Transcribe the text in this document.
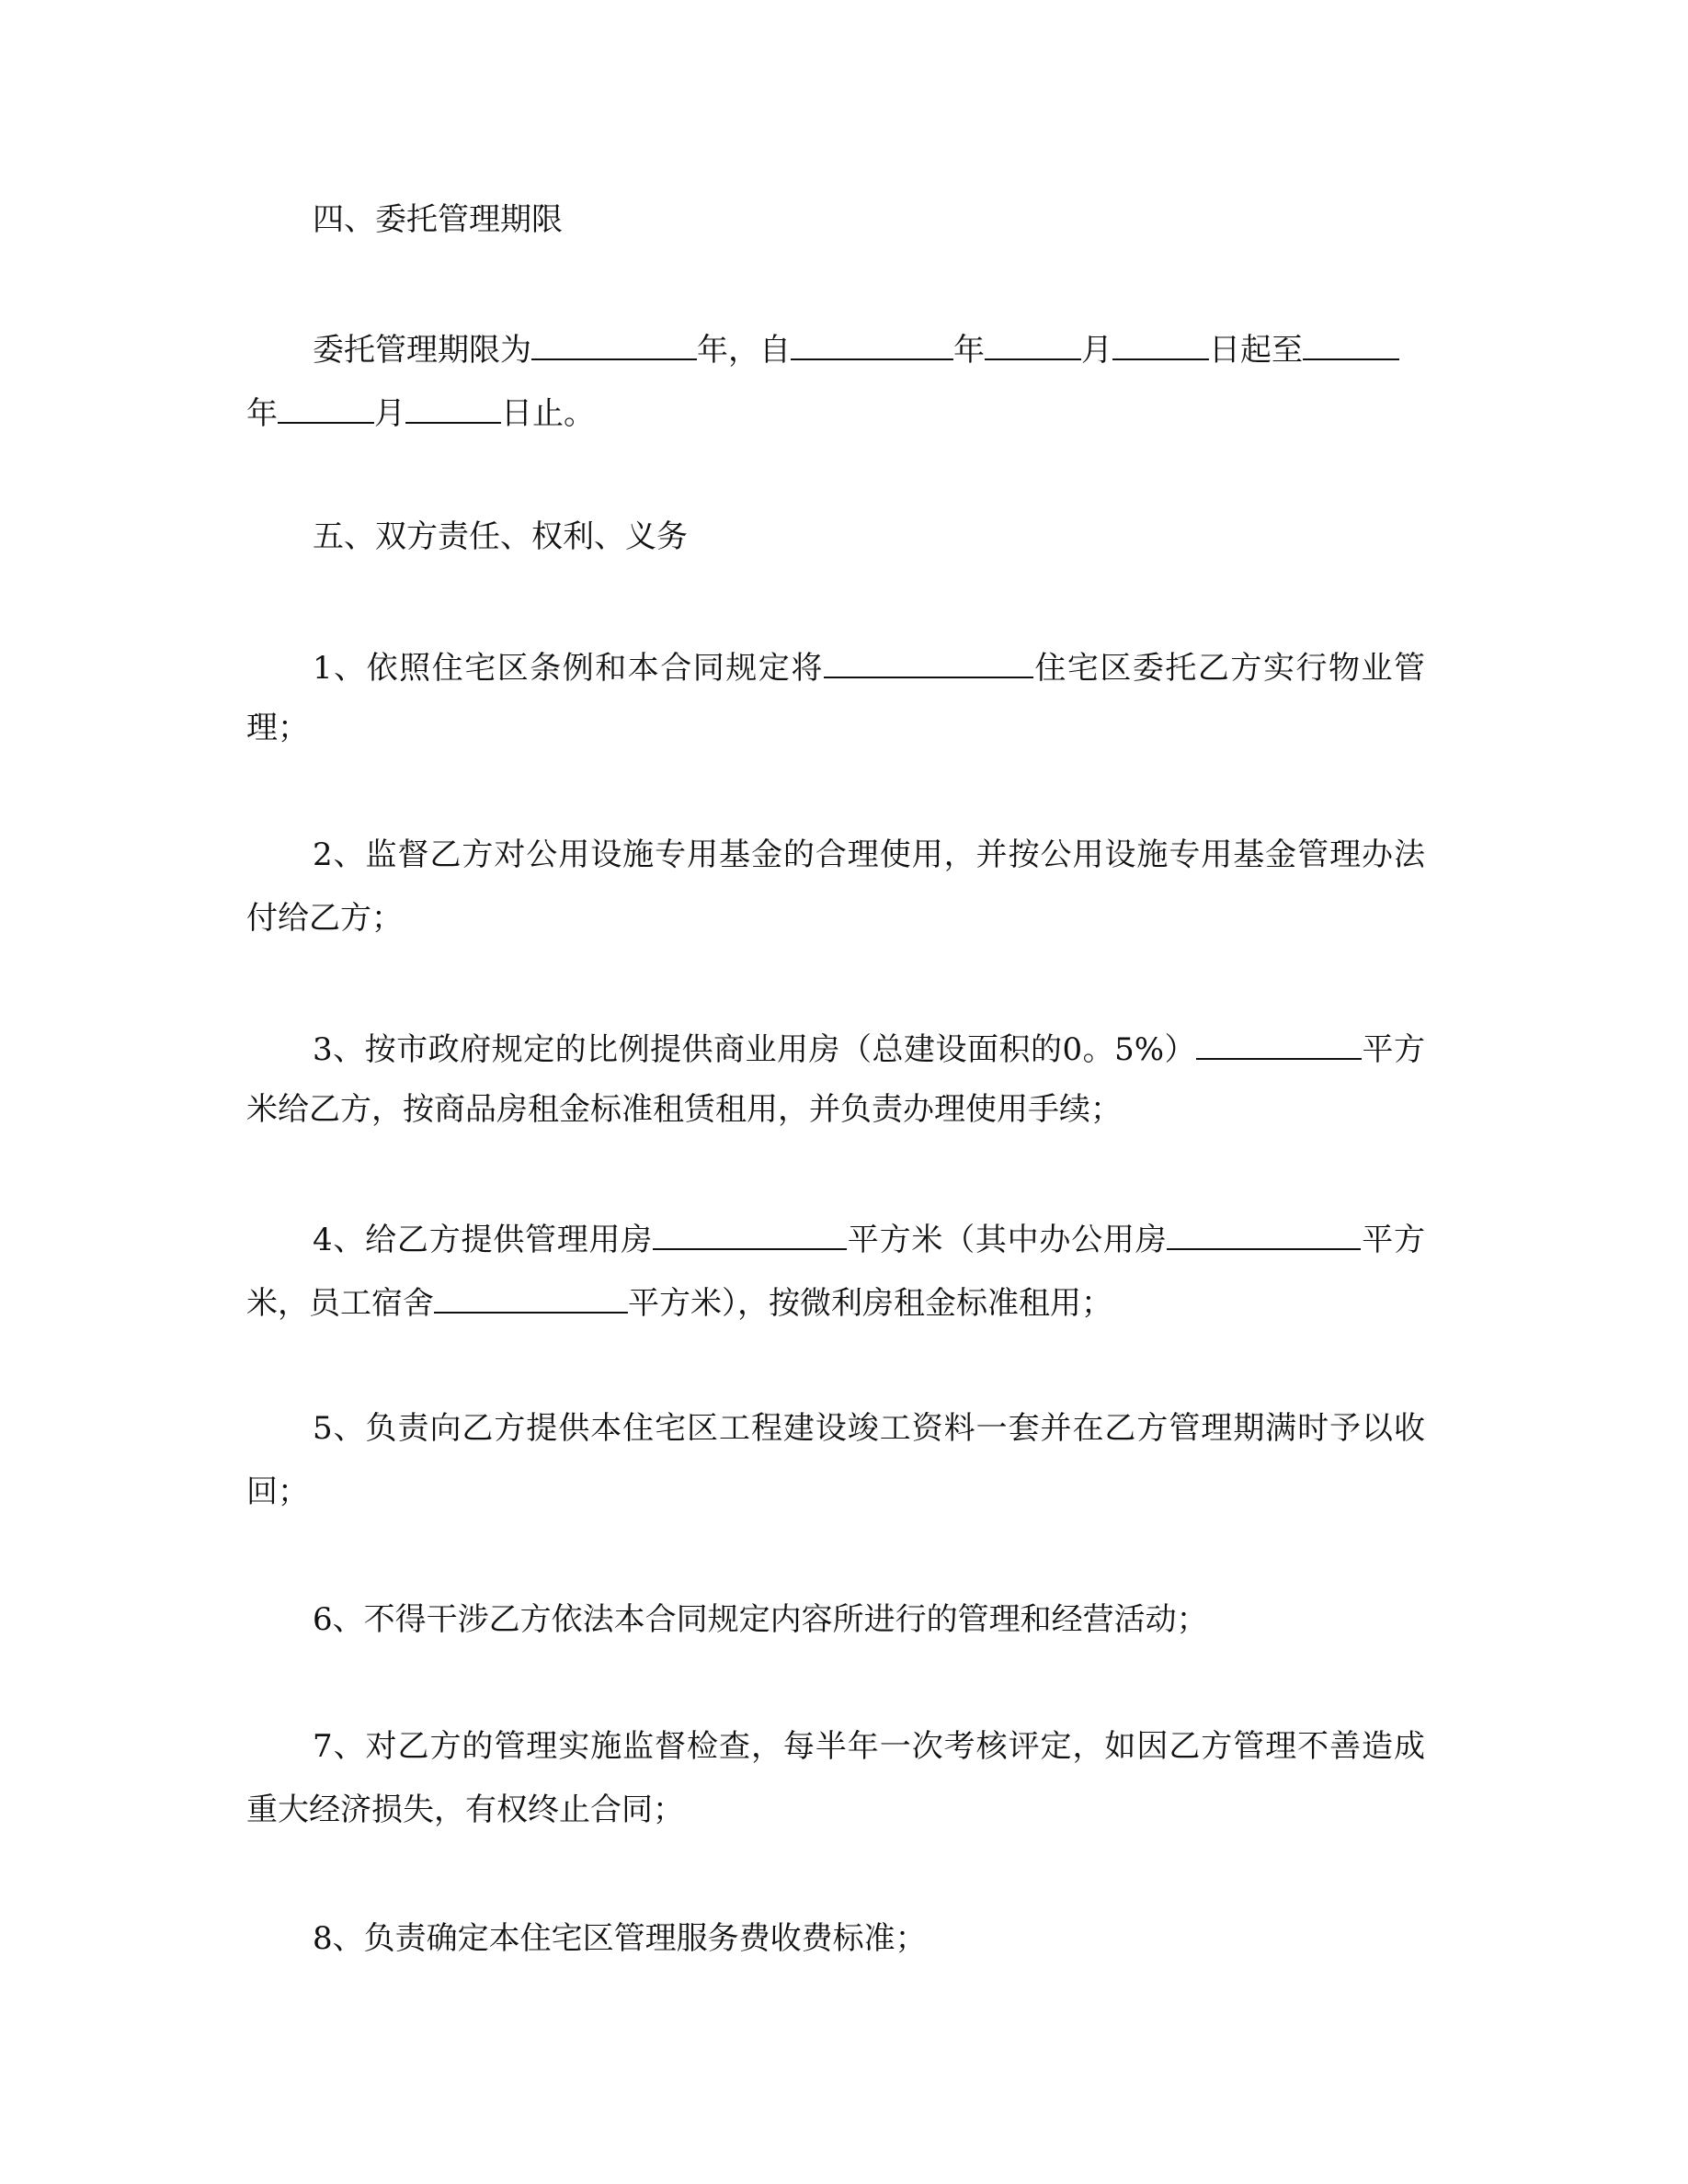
四、委托管理期限
委托管理期限为	年，自	年	月	日起至
年	月	日止。
五、双方责任、权利、义务
1、依照住宅区条例和本合同规定将	住宅区委托乙方实行物业管
理；
2、监督乙方对公用设施专用基金的合理使用，并按公用设施专用基金管理办法
付给乙方；
3、按市政府规定的比例提供商业用房（总建设面积的0。5%）	平方
米给乙方，按商品房租金标准租赁租用，并负责办理使用手续；
4、给乙方提供管理用房	平方米（其中办公用房	平方
米，员工宿舍	平方米），按微利房租金标准租用；
5、负责向乙方提供本住宅区工程建设竣工资料一套并在乙方管理期满时予以收
回；
6、不得干涉乙方依法本合同规定内容所进行的管理和经营活动；
7、对乙方的管理实施监督检查，每半年一次考核评定，如因乙方管理不善造成
重大经济损失，有权终止合同；
8、负责确定本住宅区管理服务费收费标准；
